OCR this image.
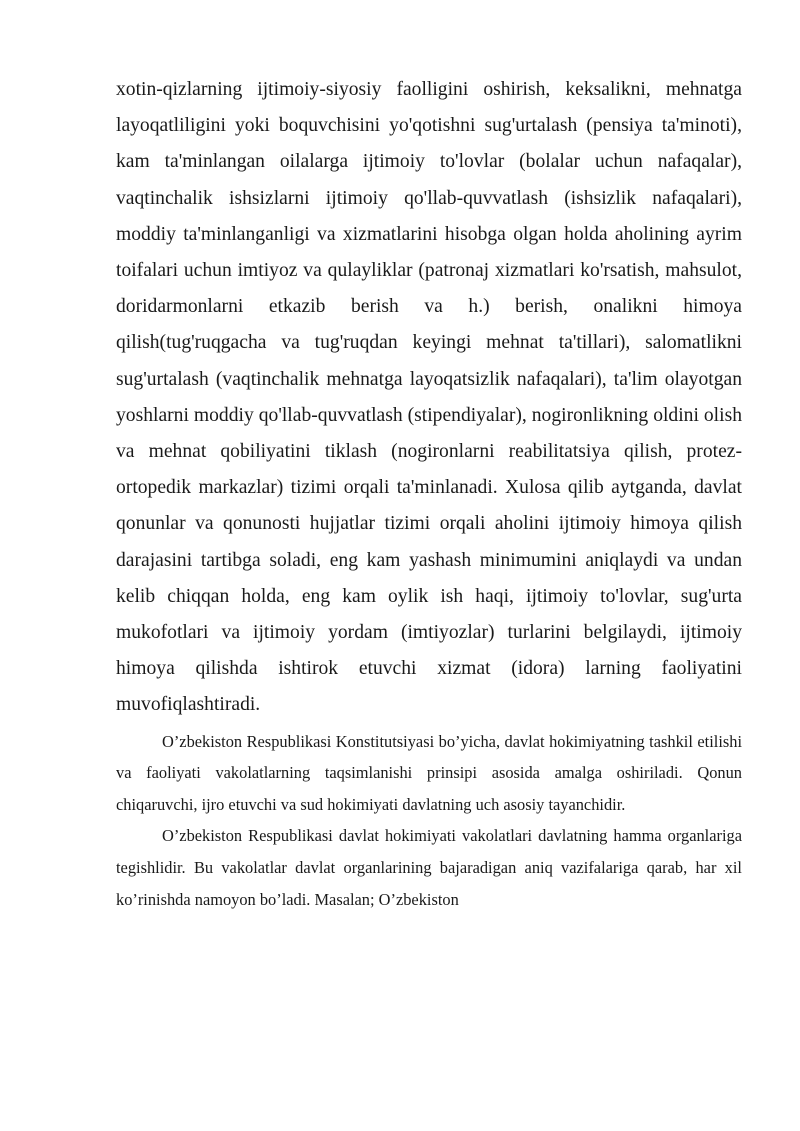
xotin-qizlarning ijtimoiy-siyosiy faolligini oshirish, keksalikni, mehnatga layoqatliligini yoki boquvchisini yo'qotishni sug'urtalash (pensiya ta'minoti), kam ta'minlangan oilalarga ijtimoiy to'lovlar (bolalar uchun nafaqalar), vaqtinchalik ishsizlarni ijtimoiy qo'llab-quvvatlash (ishsizlik nafaqalari), moddiy ta'minlanganligi va xizmatlarini hisobga olgan holda aholining ayrim toifalari uchun imtiyoz va qulayliklar (patronaj xizmatlari ko'rsatish, mahsulot, doridarmonlarni etkazib berish va h.) berish, onalikni himoya qilish(tug'ruqgacha va tug'ruqdan keyingi mehnat ta'tillari), salomatlikni sug'urtalash (vaqtinchalik mehnatga layoqatsizlik nafaqalari), ta'lim olayotgan yoshlarni moddiy qo'llab-quvvatlash (stipendiyalar), nogironlikning oldini olish va mehnat qobiliyatini tiklash (nogironlarni reabilitatsiya qilish, protez-ortopedik markazlar) tizimi orqali ta'minlanadi. Xulosa qilib aytganda, davlat qonunlar va qonunosti hujjatlar tizimi orqali aholini ijtimoiy himoya qilish darajasini tartibga soladi, eng kam yashash minimumini aniqlaydi va undan kelib chiqqan holda, eng kam oylik ish haqi, ijtimoiy to'lovlar, sug'urta mukofotlari va ijtimoiy yordam (imtiyozlar) turlarini belgilaydi, ijtimoiy himoya qilishda ishtirok etuvchi xizmat (idora) larning faoliyatini muvofiqlashtiradi.

O’zbekiston Respublikasi Konstitutsiyasi bo’yicha, davlat hokimiyatning tashkil etilishi va faoliyati vakolatlarning taqsimlanishi prinsipi asosida amalga oshiriladi. Qonun chiqaruvchi, ijro etuvchi va sud hokimiyati davlatning uch asosiy tayanchidir.

O’zbekiston Respublikasi davlat hokimiyati vakolatlari davlatning hamma organlariga tegishlidir. Bu vakolatlar davlat organlarining bajaradigan aniq vazifalariga qarab, har xil ko’rinishda namoyon bo’ladi. Masalan; O’zbekiston
